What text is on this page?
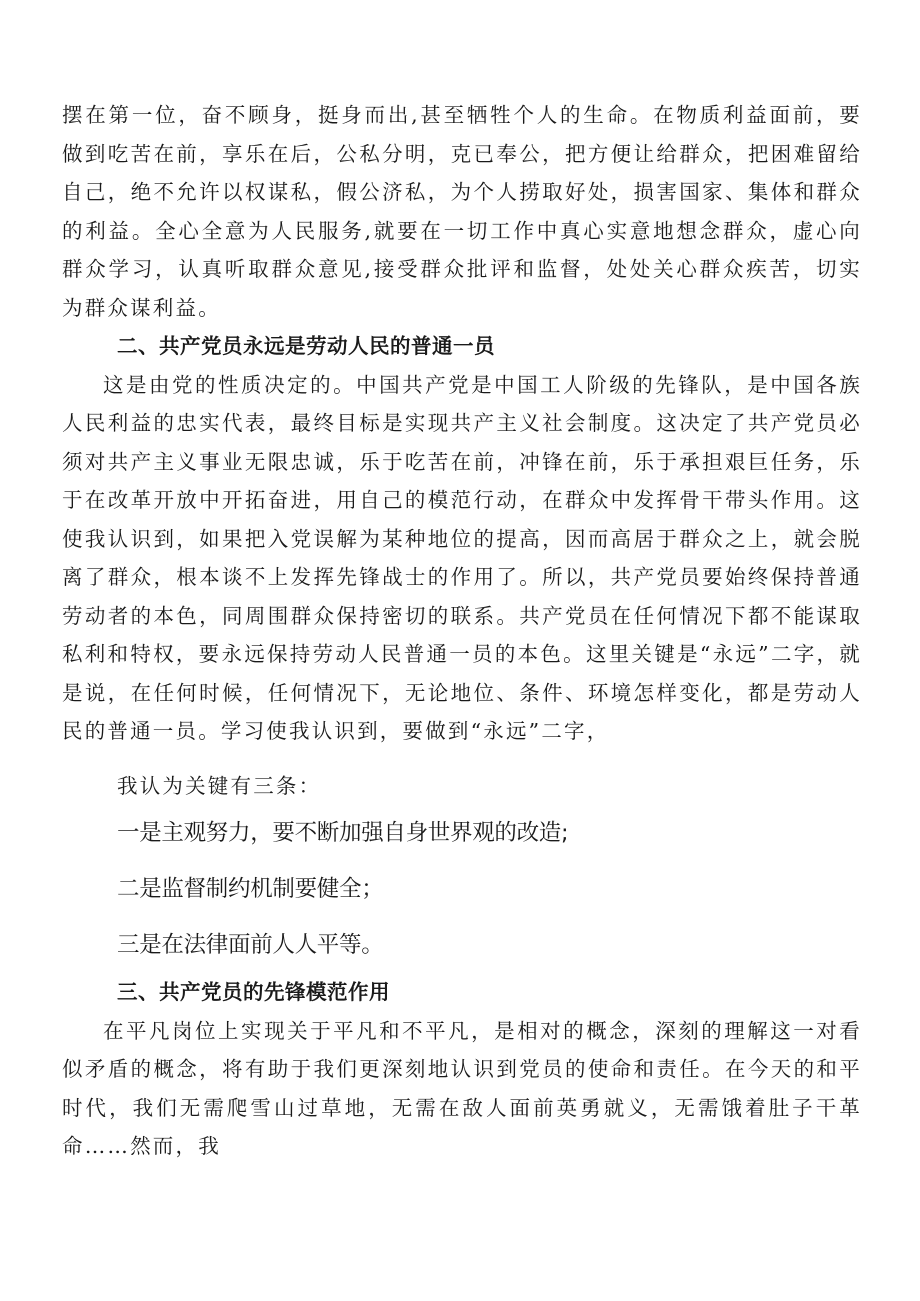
摆在第一位，奋不顾身，挺身而出,甚至牺牲个人的生命。在物质利益面前，要做到吃苦在前，享乐在后，公私分明，克已奉公，把方便让给群众，把困难留给自己，绝不允许以权谋私，假公济私，为个人捞取好处，损害国家、集体和群众的利益。全心全意为人民服务,就要在一切工作中真心实意地想念群众，虚心向群众学习，认真听取群众意见,接受群众批评和监督，处处关心群众疾苦，切实为群众谋利益。

二、共产党员永远是劳动人民的普通一员

这是由党的性质决定的。中国共产党是中国工人阶级的先锋队，是中国各族人民利益的忠实代表，最终目标是实现共产主义社会制度。这决定了共产党员必须对共产主义事业无限忠诚，乐于吃苦在前，冲锋在前，乐于承担艰巨任务，乐于在改革开放中开拓奋进，用自己的模范行动，在群众中发挥骨干带头作用。这使我认识到，如果把入党误解为某种地位的提高，因而高居于群众之上，就会脱离了群众，根本谈不上发挥先锋战士的作用了。所以，共产党员要始终保持普通劳动者的本色，同周围群众保持密切的联系。共产党员在任何情况下都不能谋取私利和特权，要永远保持劳动人民普通一员的本色。这里关键是“永远”二字，就是说，在任何时候，任何情况下，无论地位、条件、环境怎样变化，都是劳动人民的普通一员。学习使我认识到，要做到“永远”二字，

我认为关键有三条：

一是主观努力，要不断加强自身世界观的改造;

二是监督制约机制要健全；

三是在法律面前人人平等。

三、共产党员的先锋模范作用

在平凡岗位上实现关于平凡和不平凡，是相对的概念，深刻的理解这一对看似矛盾的概念，将有助于我们更深刻地认识到党员的使命和责任。在今天的和平时代，我们无需爬雪山过草地，无需在敌人面前英勇就义，无需饿着肚子干革命……然而，我
